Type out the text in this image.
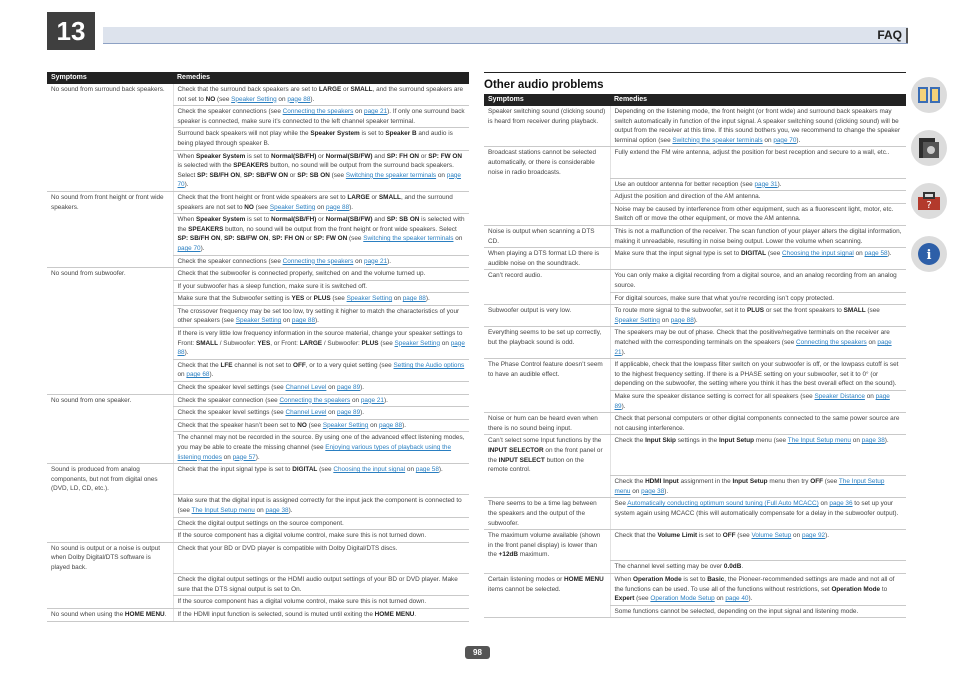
13	FAQ
Symptoms	Remedies
No sound from surround back speakers.	Check that the surround back speakers are set to LARGE or SMALL, and the surround speakers are not set to NO (see Speaker Setting on page 88).
	Check the speaker connections (see Connecting the speakers on page 21). If only one surround back speaker is connected, make sure it’s connected to the left channel speaker terminal.
	Surround back speakers will not play while the Speaker System is set to Speaker B and audio is being played through speaker B.
	When Speaker System is set to Normal(SB/FH) or Normal(SB/FW) and SP: FH ON or SP: FW ON is selected with the SPEAKERS button, no sound will be output from the surround back speakers. Select SP: SB/FH ON, SP: SB/FW ON or SP: SB ON (see Switching the speaker terminals on page 70).
No sound from front height or front wide speakers.	Check that the front height or front wide speakers are set to LARGE or SMALL, and the surround speakers are not set to NO (see Speaker Setting on page 88).
	When Speaker System is set to Normal(SB/FH) or Normal(SB/FW) and SP: SB ON is selected with the SPEAKERS button, no sound will be output from the front height or front wide speakers. Select SP: SB/FH ON, SP: SB/FW ON, SP: FH ON or SP: FW ON (see Switching the speaker terminals on page 70).
	Check the speaker connections (see Connecting the speakers on page 21).
No sound from subwoofer.	Check that the subwoofer is connected properly, switched on and the volume turned up.
	If your subwoofer has a sleep function, make sure it is switched off.
	Make sure that the Subwoofer setting is YES or PLUS (see Speaker Setting on page 88).
	The crossover frequency may be set too low, try setting it higher to match the characteristics of your other speakers (see Speaker Setting on page 88).
	If there is very little low frequency information in the source material, change your speaker settings to Front: SMALL / Subwoofer: YES, or Front: LARGE / Subwoofer: PLUS (see Speaker Setting on page 88).
	Check that the LFE channel is not set to OFF, or to a very quiet setting (see Setting the Audio options on page 68).
	Check the speaker level settings (see Channel Level on page 89).
No sound from one speaker.	Check the speaker connection (see Connecting the speakers on page 21).
	Check the speaker level settings (see Channel Level on page 89).
	Check that the speaker hasn’t been set to NO (see Speaker Setting on page 88).
	The channel may not be recorded in the source. By using one of the advanced effect listening modes, you may be able to create the missing channel (see Enjoying various types of playback using the listening modes on page 57).
Sound is produced from analog components, but not from digital ones (DVD, LD, CD, etc.).	Check that the input signal type is set to DIGITAL (see Choosing the input signal on page 58).
	Make sure that the digital input is assigned correctly for the input jack the component is connected to (see The Input Setup menu on page 38).
	Check the digital output settings on the source component.
	If the source component has a digital volume control, make sure this is not turned down.
No sound is output or a noise is output when Dolby Digital/DTS software is played back.	Check that your BD or DVD player is compatible with Dolby Digital/DTS discs.
	Check the digital output settings or the HDMI audio output settings of your BD or DVD player. Make sure that the DTS signal output is set to On.
	If the source component has a digital volume control, make sure this is not turned down.
No sound when using the HOME MENU.	If the HDMI input function is selected, sound is muted until exiting the HOME MENU.
Other audio problems
Symptoms	Remedies
Speaker switching sound (clicking sound) is heard from receiver during playback.	Depending on the listening mode, the front height (or front wide) and surround back speakers may switch automatically in function of the input signal. A speaker switching sound (clicking sound) will be output from the receiver at this time. If this sound bothers you, we recommend to change the speaker terminal option (see Switching the speaker terminals on page 70).
Broadcast stations cannot be selected automatically, or there is considerable noise in radio broadcasts.	Fully extend the FM wire antenna, adjust the position for best reception and secure to a wall, etc..
	Use an outdoor antenna for better reception (see page 31).
	Adjust the position and direction of the AM antenna.
	Noise may be caused by interference from other equipment, such as a fluorescent light, motor, etc. Switch off or move the other equipment, or move the AM antenna.
Noise is output when scanning a DTS CD.	This is not a malfunction of the receiver. The scan function of your player alters the digital information, making it unreadable, resulting in noise being output. Lower the volume when scanning.
When playing a DTS format LD there is audible noise on the soundtrack.	Make sure that the input signal type is set to DIGITAL (see Choosing the input signal on page 58).
Can’t record audio.	You can only make a digital recording from a digital source, and an analog recording from an analog source.
	For digital sources, make sure that what you’re recording isn’t copy protected.
Subwoofer output is very low.	To route more signal to the subwoofer, set it to PLUS or set the front speakers to SMALL (see Speaker Setting on page 88).
Everything seems to be set up correctly, but the playback sound is odd.	The speakers may be out of phase. Check that the positive/negative terminals on the receiver are matched with the corresponding terminals on the speakers (see Connecting the speakers on page 21).
The Phase Control feature doesn’t seem to have an audible effect.	If applicable, check that the lowpass filter switch on your subwoofer is off, or the lowpass cutoff is set to the highest frequency setting. If there is a PHASE setting on your subwoofer, set it to 0° (or depending on the subwoofer, the setting where you think it has the best overall effect on the sound).
	Make sure the speaker distance setting is correct for all speakers (see Speaker Distance on page 89).
Noise or hum can be heard even when there is no sound being input.	Check that personal computers or other digital components connected to the same power source are not causing interference.
Can’t select some Input functions by the INPUT SELECTOR on the front panel or the INPUT SELECT button on the remote control.	Check the Input Skip settings in the Input Setup menu (see The Input Setup menu on page 38).
	Check the HDMI Input assignment in the Input Setup menu then try OFF (see The Input Setup menu on page 38).
There seems to be a time lag between the speakers and the output of the subwoofer.	See Automatically conducting optimum sound tuning (Full Auto MCACC) on page 36 to set up your system again using MCACC (this will automatically compensate for a delay in the subwoofer output).
The maximum volume available (shown in the front panel display) is lower than the +12dB maximum.	Check that the Volume Limit is set to OFF (see Volume Setup on page 92).
	The channel level setting may be over 0.0dB.
Certain listening modes or HOME MENU items cannot be selected.	When Operation Mode is set to Basic, the Pioneer-recommended settings are made and not all of the functions can be used. To use all of the functions without restrictions, set Operation Mode to Expert (see Operation Mode Setup on page 40).
	Some functions cannot be selected, depending on the input signal and listening mode.
98
?
i
